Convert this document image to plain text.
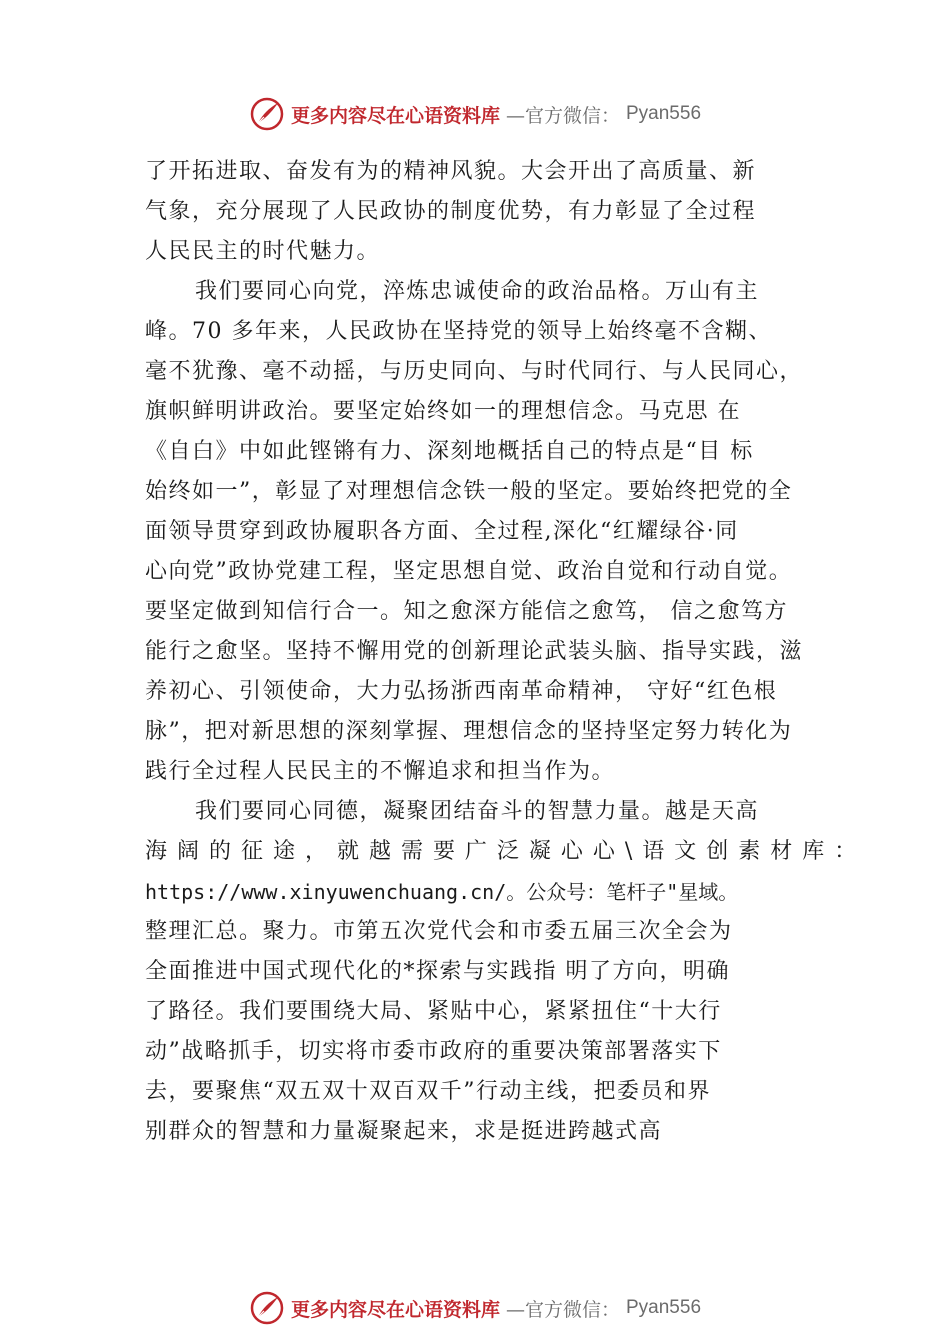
更多内容尽在心语资料库 —官方微信： Pyan556
了开拓进取、奋发有为的精神风貌。大会开出了高质量、新
气象，充分展现了人民政协的制度优势，有力彰显了全过程
人民民主的时代魅力。
我们要同心向党，淬炼忠诚使命的政治品格。万山有主
峰。70 多年来，人民政协在坚持党的领导上始终毫不含糊、
毫不犹豫、毫不动摇，与历史同向、与时代同行、与人民同心，
旗帜鲜明讲政治。要坚定始终如一的理想信念。马克思 在
《自白》中如此铿锵有力、深刻地概括自己的特点是“目 标
始终如一”，彰显了对理想信念铁一般的坚定。要始终把党的全
面领导贯穿到政协履职各方面、全过程,深化“红耀绿谷·同
心向党”政协党建工程，坚定思想自觉、政治自觉和行动自觉。
要坚定做到知信行合一。知之愈深方能信之愈笃， 信之愈笃方
能行之愈坚。坚持不懈用党的创新理论武装头脑、指导实践，滋
养初心、引领使命，大力弘扬浙西南革命精神， 守好“红色根
脉”，把对新思想的深刻掌握、理想信念的坚持坚定努力转化为
践行全过程人民民主的不懈追求和担当作为。
我们要同心同德，凝聚团结奋斗的智慧力量。越是天高
海 阔 的 征 途 ， 就 越 需 要 广 泛 凝 心 心 \ 语 文 创 素 材 库 ：
https://www.xinyuwenchuang.cn/。公众号：笔杆子"星域。
整理汇总。聚力。市第五次党代会和市委五届三次全会为
全面推进中国式现代化的*探索与实践指 明了方向，明确
了路径。我们要围绕大局、紧贴中心，紧紧扭住“十大行
动”战略抓手，切实将市委市政府的重要决策部署落实下
去，要聚焦“双五双十双百双千”行动主线，把委员和界
别群众的智慧和力量凝聚起来，求是挺进跨越式高
更多内容尽在心语资料库 —官方微信： Pyan556
